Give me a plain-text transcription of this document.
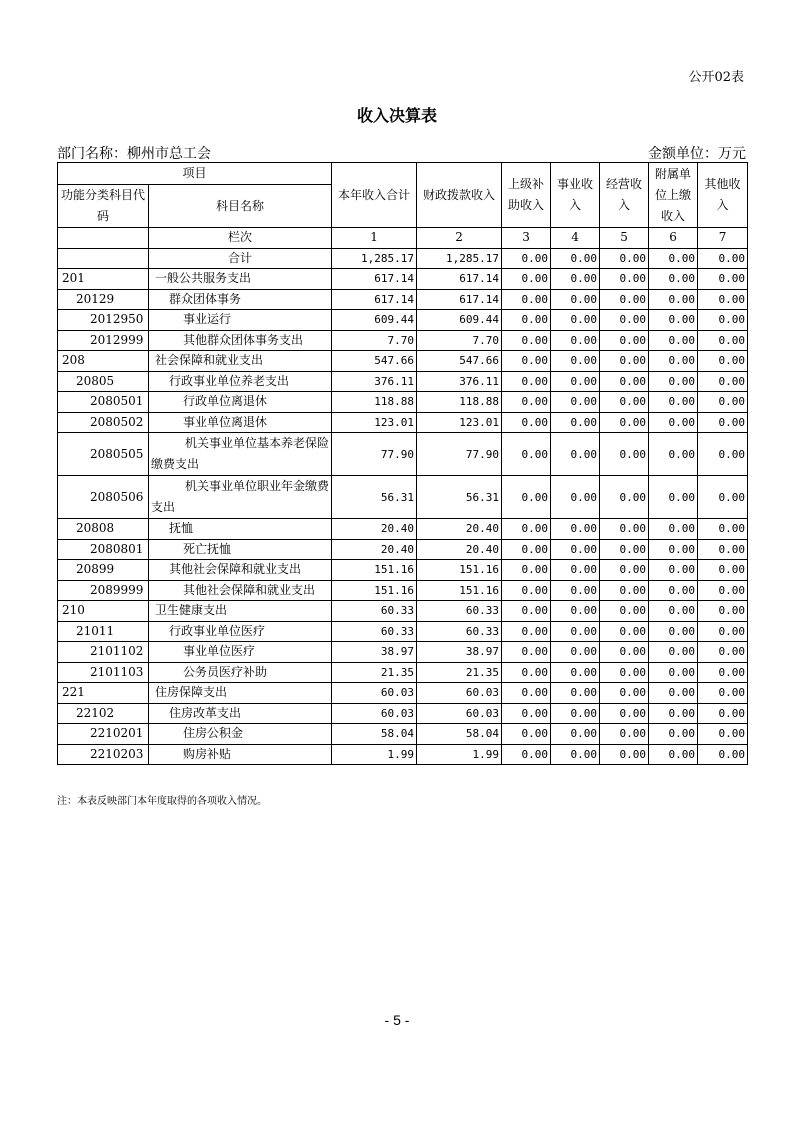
公开02表
收入决算表
部门名称：柳州市总工会	金额单位：万元
项目		本年收入合计	财政拨款收入	上级补助收入	事业收入	经营收入	附属单位上缴收入	其他收入
功能分类科目代码	科目名称							
	栏次	1	2	3	4	5	6	7
	合计	1,285.17	1,285.17	0.00	0.00	0.00	0.00	0.00
201	一般公共服务支出	617.14	617.14	0.00	0.00	0.00	0.00	0.00
20129	群众团体事务	617.14	617.14	0.00	0.00	0.00	0.00	0.00
2012950	事业运行	609.44	609.44	0.00	0.00	0.00	0.00	0.00
2012999	其他群众团体事务支出	7.70	7.70	0.00	0.00	0.00	0.00	0.00
208	社会保障和就业支出	547.66	547.66	0.00	0.00	0.00	0.00	0.00
20805	行政事业单位养老支出	376.11	376.11	0.00	0.00	0.00	0.00	0.00
2080501	行政单位离退休	118.88	118.88	0.00	0.00	0.00	0.00	0.00
2080502	事业单位离退休	123.01	123.01	0.00	0.00	0.00	0.00	0.00
2080505	机关事业单位基本养老保险缴费支出	77.90	77.90	0.00	0.00	0.00	0.00	0.00
2080506	机关事业单位职业年金缴费支出	56.31	56.31	0.00	0.00	0.00	0.00	0.00
20808	抚恤	20.40	20.40	0.00	0.00	0.00	0.00	0.00
2080801	死亡抚恤	20.40	20.40	0.00	0.00	0.00	0.00	0.00
20899	其他社会保障和就业支出	151.16	151.16	0.00	0.00	0.00	0.00	0.00
2089999	其他社会保障和就业支出	151.16	151.16	0.00	0.00	0.00	0.00	0.00
210	卫生健康支出	60.33	60.33	0.00	0.00	0.00	0.00	0.00
21011	行政事业单位医疗	60.33	60.33	0.00	0.00	0.00	0.00	0.00
2101102	事业单位医疗	38.97	38.97	0.00	0.00	0.00	0.00	0.00
2101103	公务员医疗补助	21.35	21.35	0.00	0.00	0.00	0.00	0.00
221	住房保障支出	60.03	60.03	0.00	0.00	0.00	0.00	0.00
22102	住房改革支出	60.03	60.03	0.00	0.00	0.00	0.00	0.00
2210201	住房公积金	58.04	58.04	0.00	0.00	0.00	0.00	0.00
2210203	购房补贴	1.99	1.99	0.00	0.00	0.00	0.00	0.00
注：本表反映部门本年度取得的各项收入情况。
- 5 -
